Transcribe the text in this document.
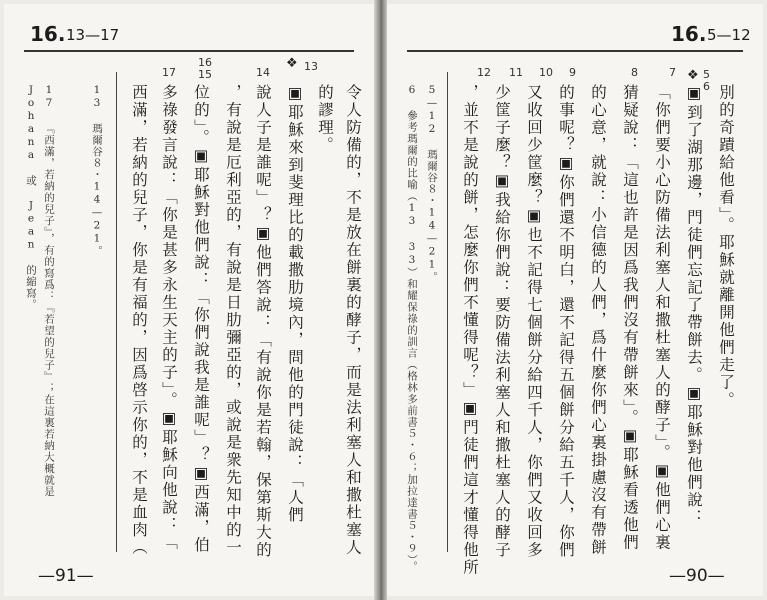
16. 13—17
Johana 或 Jean 的縮寫。 17 『西滿，若納的兒子』，有的寫爲：『若望的兒子』；在這裏若納大概就是	13 瑪爾谷８・14—21。
17
16
15	14
西滿，若納的兒子，你是有福的，因爲啓示你的，不是血肉（ 多祿發言說：「你是甚多永生天主的子」。▣耶穌向他說：「 位的」。▣耶穌對他們說：「你們說我是誰呢」？▣西滿，伯 ，有說是厄利亞的，有說是日肋彌亞的，或說是衆先知中的一 說人子是誰呢」？▣他們答說：「有說你是若翰，保第斯大的 ▣耶穌來到斐理比的載撒肋境內，問他的門徒說：「人們
❖ 13
的謬理。 令人防備的，不是放在餅裏的酵子，而是法利塞人和撒杜塞人
—91—
16. 5—12
6 參考瑪爾的比喻（13 33）和耀保祿的訓言（格林多前書５・６；加拉達書５・９）。 5—12 瑪爾谷８・14—21。
12 11 10 9	8	7
，並不是說的餅，怎麼你們不懂得呢？」▣門徒們這才懂得他所 少筐子麼？▣我給你們說：要防備法利塞人和撒杜塞人的酵子 又收回少筐麼？▣也不記得七個餅分給四千人，你們又收回多 的事呢？▣你們還不明白，還不記得五個餅分給五千人，你們 的心意，就說：小信德的人們，爲什麼你們心裏掛慮沒有帶餅 猜疑說：「這也許是因爲我們沒有帶餅來」。▣耶穌看透他們 「你們要小心防備法利塞人和撒杜塞人的酵子」。▣他們心裏 ▣到了湖那邊，門徒們忘記了帶餅去。▣耶穌對他們說： 別的奇蹟給他看」。耶穌就離開他們走了。
❖ 5
6
—90—
